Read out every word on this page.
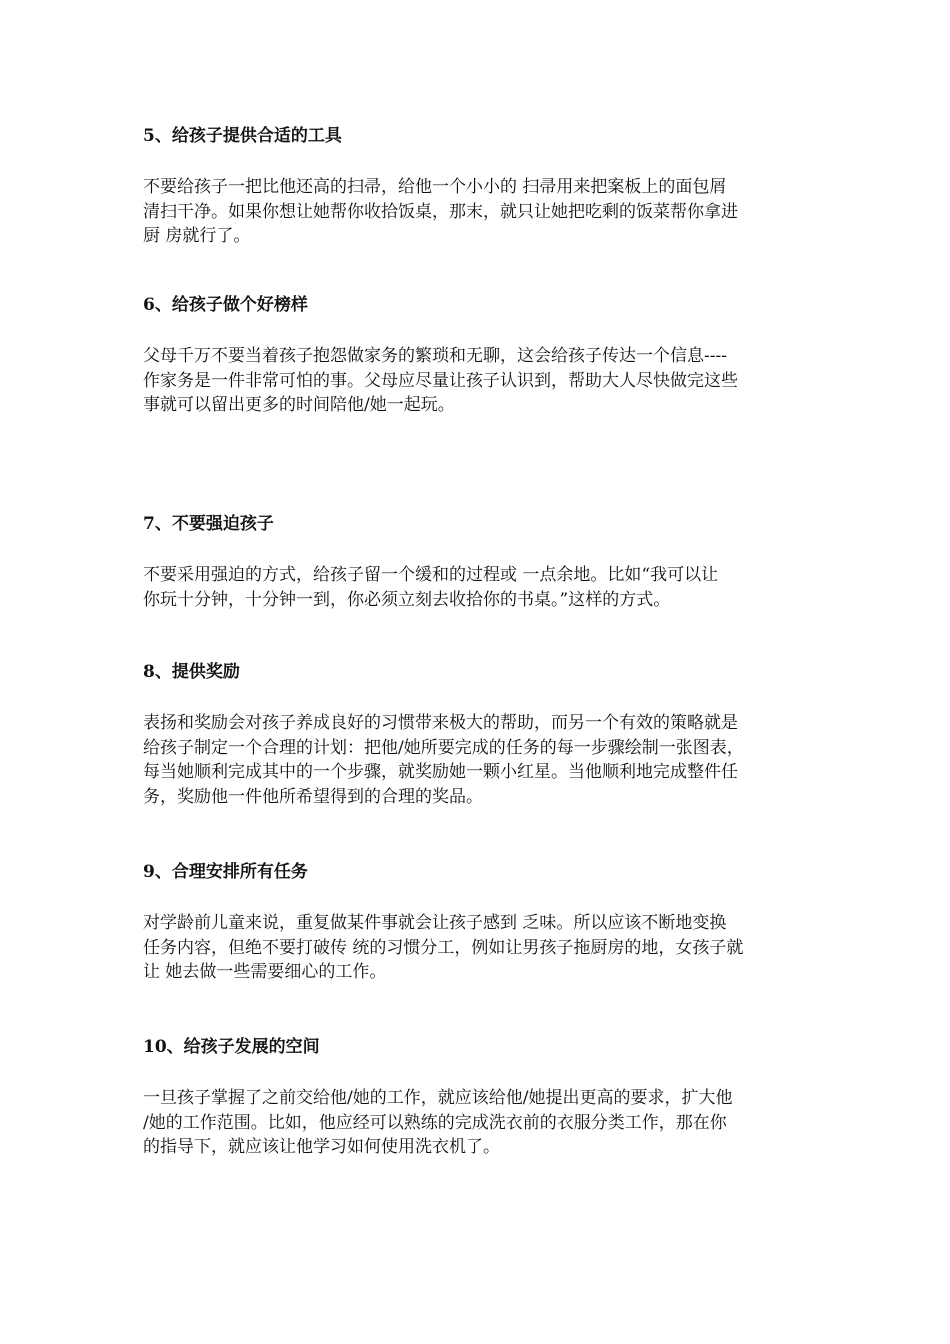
5、给孩子提供合适的工具

不要给孩子一把比他还高的扫帚，给他一个小小的 扫帚用来把案板上的面包屑
清扫干净。如果你想让她帮你收拾饭桌，那末，就只让她把吃剩的饭菜帮你拿进
厨 房就行了。

6、给孩子做个好榜样

父母千万不要当着孩子抱怨做家务的繁琐和无聊，这会给孩子传达一个信息----
作家务是一件非常可怕的事。父母应尽量让孩子认识到，帮助大人尽快做完这些
事就可以留出更多的时间陪他/她一起玩。

7、不要强迫孩子

不要采用强迫的方式，给孩子留一个缓和的过程或 一点余地。比如“我可以让
你玩十分钟，十分钟一到，你必须立刻去收拾你的书桌。”这样的方式。

8、提供奖励

表扬和奖励会对孩子养成良好的习惯带来极大的帮助，而另一个有效的策略就是
给孩子制定一个合理的计划：把他/她所要完成的任务的每一步骤绘制一张图表，
每当她顺利完成其中的一个步骤，就奖励她一颗小红星。当他顺利地完成整件任
务，奖励他一件他所希望得到的合理的奖品。

9、合理安排所有任务

对学龄前儿童来说，重复做某件事就会让孩子感到 乏味。所以应该不断地变换
任务内容，但绝不要打破传 统的习惯分工，例如让男孩子拖厨房的地，女孩子就
让 她去做一些需要细心的工作。

10、给孩子发展的空间

一旦孩子掌握了之前交给他/她的工作，就应该给他/她提出更高的要求，扩大他
/她的工作范围。比如，他应经可以熟练的完成洗衣前的衣服分类工作，那在你
的指导下，就应该让他学习如何使用洗衣机了。
